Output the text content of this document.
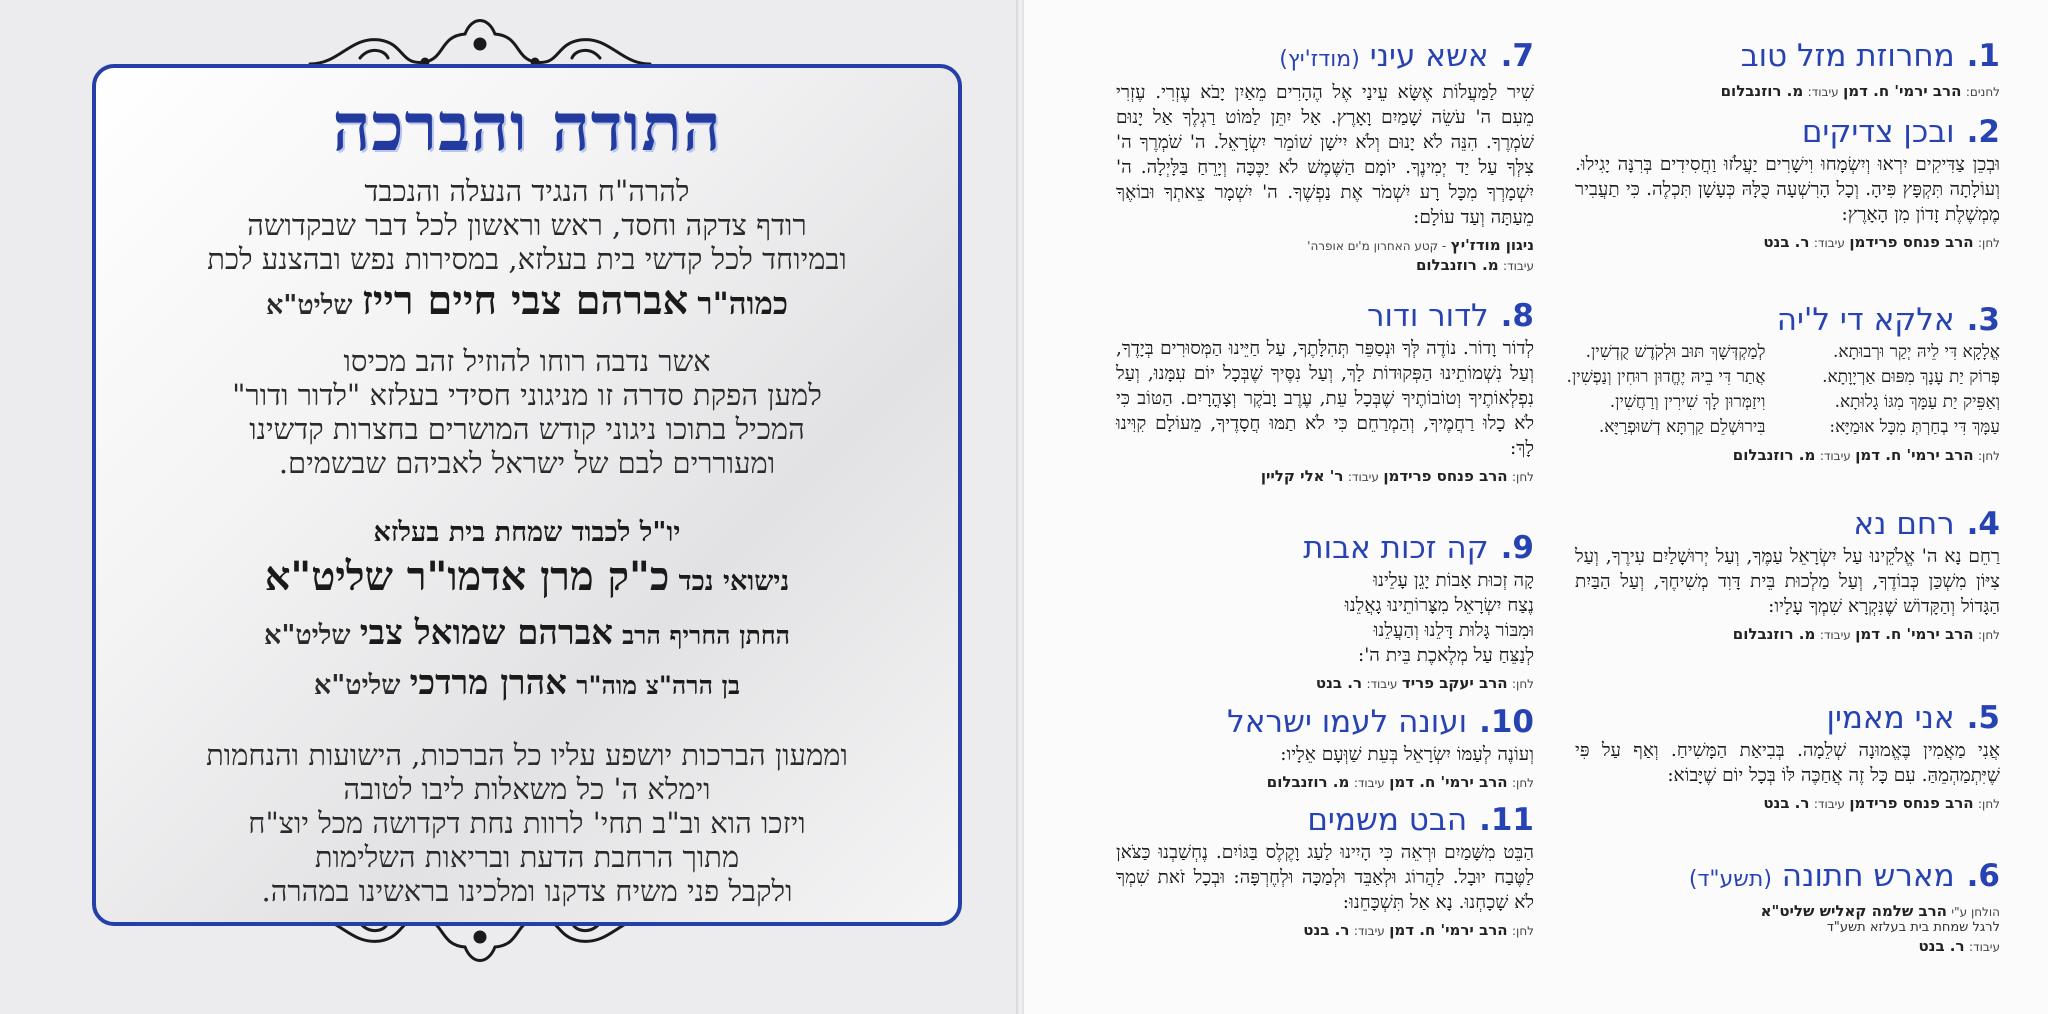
התודה והברכה
להרה"ח הנגיד הנעלה והנכבד
רודף צדקה וחסד, ראש וראשון לכל דבר שבקדושה
ובמיוחד לכל קדשי בית בעלזא, במסירות נפש ובהצנע לכת
כמוה"ר אברהם צבי חיים רייז שליט"א
אשר נדבה רוחו להוזיל זהב מכיסו
למען הפקת סדרה זו מניגוני חסידי בעלזא "לדור ודור"
המכיל בתוכו ניגוני קודש המושרים בחצרות קדשינו
ומעוררים לבם של ישראל לאביהם שבשמים.
יו"ל לכבוד שמחת בית בעלזא
נישואי נכד כ"ק מרן אדמו"ר שליט"א
החתן החריף הרב אברהם שמואל צבי שליט"א
בן הרה"צ מוה"ר אהרן מרדכי שליט"א
וממעון הברכות יושפע עליו כל הברכות, הישועות והנחמות
וימלא ה' כל משאלות ליבו לטובה
ויזכו הוא וב"ב תחי' לרוות נחת דקדושה מכל יוצ"ח
מתוך הרחבת הדעת ובריאות השלימות
ולקבל פני משיח צדקנו ומלכינו בראשינו במהרה.
1.מחרוזת מזל טוב
לחנים: הרב ירמי' ח. דמן עיבוד: מ. רוזנבלום
2.ובכן צדיקים
וּבְכֵן צַדִּיקִים יִרְאוּ וְיִשְׂמָחוּ וִישָׁרִים יַעֲלֹזוּ וַחֲסִידִים בְּרִנָּה יָגִילוּ. וְעוֹלָתָה תִּקְפָּץ פִּיהָ. וְכָל הָרִשְׁעָה כֻּלָּהּ כְּעָשָׁן תִּכְלֶה. כִּי תַעֲבִיר מֶמְשֶׁלֶת זָדוֹן מִן הָאָרֶץ:
לחן: הרב פנחס פרידמן עיבוד: ר. בנט
3.אלקא די ל'יה
אֱלָקָא דִּי לֵיהּ יְקַר וּרְבוּתָא.
לְמַקְדְּשָׁךְ תּוּב וּלְקֹדֶשׁ קֻדְשִׁין.
פְּרוֹק יַת עָנָךְ מִפּוּם אַרְיָוָתָא.
אֲתַר דִּי בֵיהּ יֶחֱדוּן רוּחִין וְנַפְשִׁין.
וְאַפֵּיק יַת עַמָּךְ מִגּוֹ גָלוּתָא.
וִיזַמְּרוּן לָךְ שִׁירִין וְרַחֲשִׁין.
עַמָּךְ דִּי בְחַרְתְּ מִכָּל אוּמַיָּא:
בִּירוּשְׁלֵם קַרְתָּא דְשׁוּפְרַיָּא.
לחן: הרב ירמי' ח. דמן עיבוד: מ. רוזנבלום
4.רחם נא
רַחֵם נָא ה' אֱלֹקֵינוּ עַל יִשְׂרָאֵל עַמֶּךָ, וְעַל יְרוּשָׁלַיִם עִירֶךָ, וְעַל צִיּוֹן מִשְׁכַּן כְּבוֹדֶךָ, וְעַל מַלְכוּת בֵּית דָּוִד מְשִׁיחֶךָ, וְעַל הַבַּיִת הַגָּדוֹל וְהַקָּדוֹשׁ שֶׁנִּקְרָא שִׁמְךָ עָלָיו:
לחן: הרב ירמי' ח. דמן עיבוד: מ. רוזנבלום
5.אני מאמין
אֲנִי מַאֲמִין בֶּאֱמוּנָה שְׁלֵמָה. בְּבִיאַת הַמָּשִׁיחַ. וְאַף עַל פִּי שֶׁיִּתְמַהְמֵהַּ. עִם כָּל זֶה אֲחַכֶּה לּוֹ בְּכָל יוֹם שֶׁיָּבוֹא:
לחן: הרב פנחס פרידמן עיבוד: ר. בנט
6.מארש חתונה (תשע"ד)
הולחן ע"י הרב שלמה קאליש שליט"א
לרגל שמחת בית בעלזא תשע"ד
עיבוד: ר. בנט
7.אשא עיני (מודז'יץ)
שִׁיר לַמַּעֲלוֹת אֶשָּׂא עֵינַי אֶל הֶהָרִים מֵאַיִן יָבֹא עֶזְרִי. עֶזְרִי מֵעִם ה' עֹשֵׂה שָׁמַיִם וָאָרֶץ. אַל יִתֵּן לַמּוֹט רַגְלֶךָ אַל יָנוּם שֹׁמְרֶךָ. הִנֵּה לֹא יָנוּם וְלֹא יִישָׁן שׁוֹמֵר יִשְׂרָאֵל. ה' שֹׁמְרֶךָ ה' צִלְּךָ עַל יַד יְמִינֶךָ. יוֹמָם הַשֶּׁמֶשׁ לֹא יַכֶּכָּה וְיָרֵחַ בַּלָּיְלָה. ה' יִשְׁמָרְךָ מִכָּל רָע יִשְׁמֹר אֶת נַפְשֶׁךָ. ה' יִשְׁמָר צֵאתְךָ וּבוֹאֶךָ מֵעַתָּה וְעַד עוֹלָם:
ניגון מודז'יץ - קטע האחרון מ'ים אופרה'
עיבוד: מ. רוזנבלום
8.לדור ודור
לְדוֹר וָדוֹר. נוֹדֶה לְּךָ וּנְסַפֵּר תְּהִלָּתֶךָ, עַל חַיֵּינוּ הַמְּסוּרִים בְּיָדֶךָ, וְעַל נִשְׁמוֹתֵינוּ הַפְּקוּדוֹת לָךְ, וְעַל נִסֶּיךָ שֶׁבְּכָל יוֹם עִמָּנוּ, וְעַל נִפְלְאוֹתֶיךָ וְטוֹבוֹתֶיךָ שֶׁבְּכָל עֵת, עֶרֶב וָבֹקֶר וְצָהֳרָיִם. הַטּוֹב כִּי לֹא כָלוּ רַחֲמֶיךָ, וְהַמְרַחֵם כִּי לֹא תַמּוּ חֲסָדֶיךָ, מֵעוֹלָם קִוִּינוּ לָךְ:
לחן: הרב פנחס פרידמן עיבוד: ר' אלי קליין
9.קה זכות אבות
קָה זְכוּת אָבוֹת יָגֵן עָלֵינוּ
נֶצַח יִשְׂרָאֵל מִצָּרוֹתֵינוּ גָאֲלֵנוּ
וּמִבּוֹר גָּלוּת דָּלֵנוּ וְהַעֲלֵנוּ
לְנַצֵּחַ עַל מְלֶאכֶת בֵּית ה':
לחן: הרב יעקב פריד עיבוד: ר. בנט
10.ועונה לעמו ישראל
וְעוֹנֶה לְעַמּוֹ יִשְׂרָאֵל בְּעֵת שַׁוְּעָם אֵלָיו:
לחן: הרב ירמי' ח. דמן עיבוד: מ. רוזנבלום
11.הבט משמים
הַבֵּט מִשָּׁמַיִם וּרְאֵה כִּי הָיִינוּ לַעַג וָקֶלֶס בַּגּוֹיִם. נֶחְשַׁבְנוּ כַּצֹּאן לַטֶּבַח יוּבָל. לַהֲרוֹג וּלְאַבֵּד וּלְמַכָּה וּלְחֶרְפָּה: וּבְכָל זֹאת שִׁמְךָ לֹא שָׁכָחְנוּ. נָא אַל תִּשְׁכָּחֵנוּ:
לחן: הרב ירמי' ח. דמן עיבוד: ר. בנט
